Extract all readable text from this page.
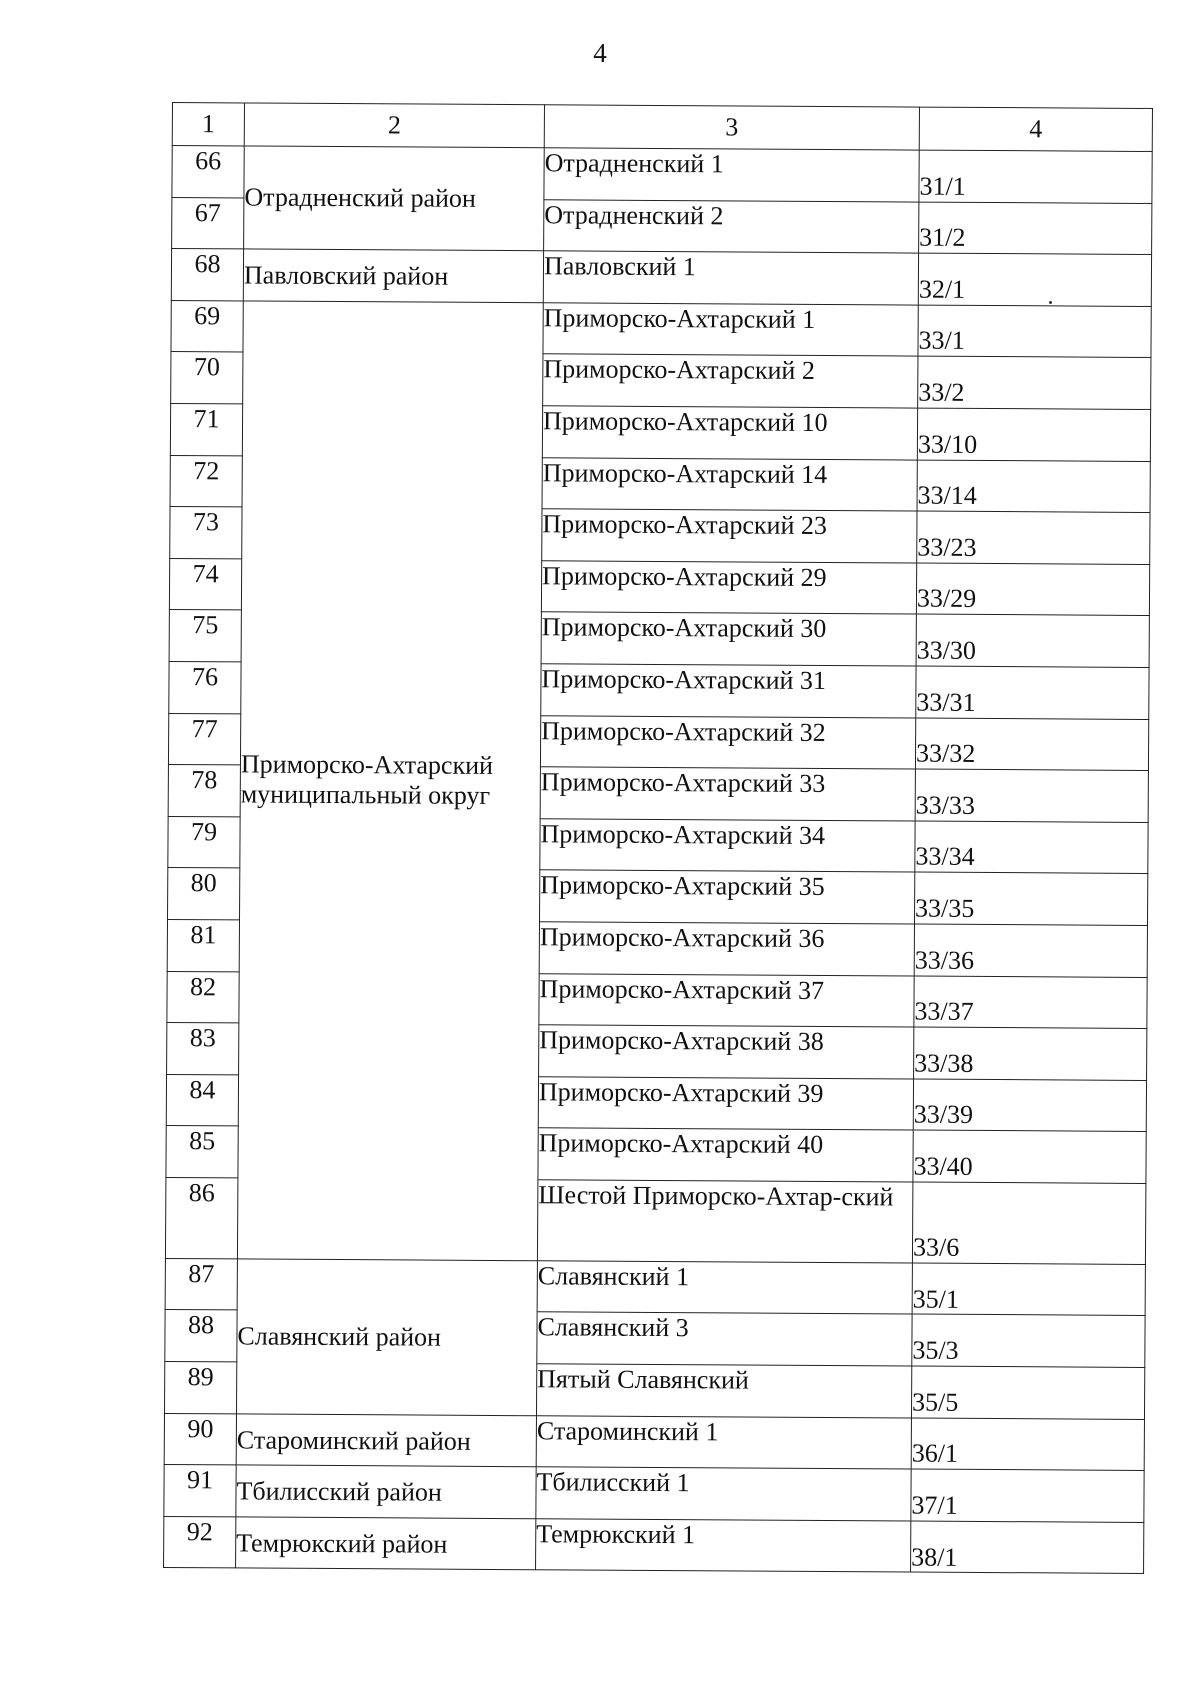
4
1	2	3	4
66	Отрадненский район	Отрадненский 1	31/1
67		Отрадненский 2	31/2
68	Павловский район	Павловский 1	32/1
69	Приморско-Ахтарский муниципальный округ	Приморско-Ахтарский 1	33/1
70		Приморско-Ахтарский 2	33/2
71		Приморско-Ахтарский 10	33/10
72		Приморско-Ахтарский 14	33/14
73		Приморско-Ахтарский 23	33/23
74		Приморско-Ахтарский 29	33/29
75		Приморско-Ахтарский 30	33/30
76		Приморско-Ахтарский 31	33/31
77		Приморско-Ахтарский 32	33/32
78		Приморско-Ахтарский 33	33/33
79		Приморско-Ахтарский 34	33/34
80		Приморско-Ахтарский 35	33/35
81		Приморско-Ахтарский 36	33/36
82		Приморско-Ахтарский 37	33/37
83		Приморско-Ахтарский 38	33/38
84		Приморско-Ахтарский 39	33/39
85		Приморско-Ахтарский 40	33/40
86		Шестой Приморско-Ахтар-ский	33/6
87	Славянский район	Славянский 1	35/1
88		Славянский 3	35/3
89		Пятый Славянский	35/5
90	Староминский район	Староминский 1	36/1
91	Тбилисский район	Тбилисский 1	37/1
92	Темрюкский район	Темрюкский 1	38/1
